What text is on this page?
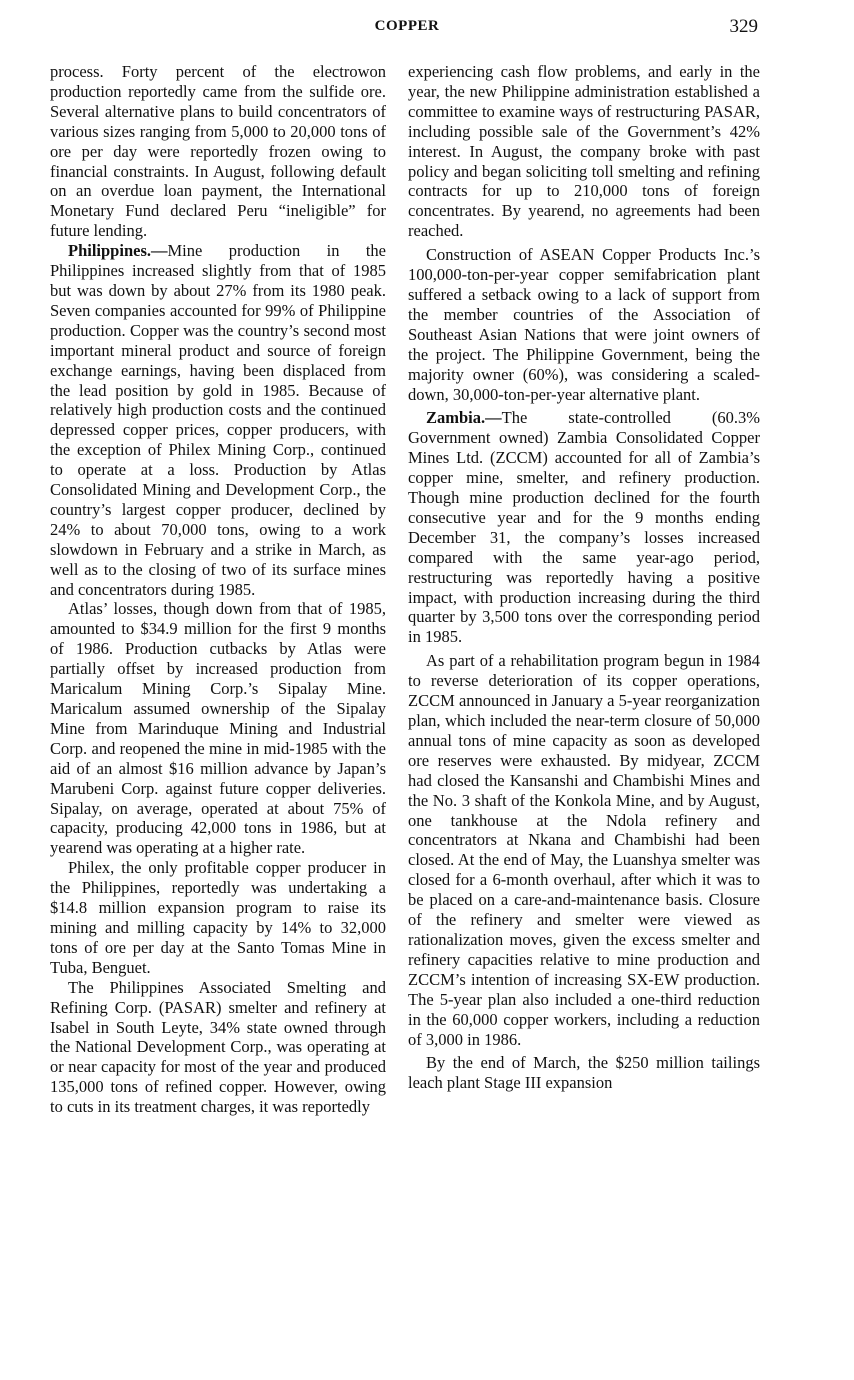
COPPER	329

process. Forty percent of the electrowon production reportedly came from the sulfide ore. Several alternative plans to build concentrators of various sizes ranging from 5,000 to 20,000 tons of ore per day were reportedly frozen owing to financial constraints. In August, following default on an overdue loan payment, the International Monetary Fund declared Peru “ineligible” for future lending.

Philippines.—Mine production in the Philippines increased slightly from that of 1985 but was down by about 27% from its 1980 peak. Seven companies accounted for 99% of Philippine production. Copper was the country’s second most important mineral product and source of foreign exchange earnings, having been displaced from the lead position by gold in 1985. Because of relatively high production costs and the continued depressed copper prices, copper producers, with the exception of Philex Mining Corp., continued to operate at a loss. Production by Atlas Consolidated Mining and Development Corp., the country’s largest copper producer, declined by 24% to about 70,000 tons, owing to a work slowdown in February and a strike in March, as well as to the closing of two of its surface mines and concentrators during 1985.

Atlas’ losses, though down from that of 1985, amounted to $34.9 million for the first 9 months of 1986. Production cutbacks by Atlas were partially offset by increased production from Maricalum Mining Corp.’s Sipalay Mine. Maricalum assumed ownership of the Sipalay Mine from Marinduque Mining and Industrial Corp. and reopened the mine in mid-1985 with the aid of an almost $16 million advance by Japan’s Marubeni Corp. against future copper deliveries. Sipalay, on average, operated at about 75% of capacity, producing 42,000 tons in 1986, but at yearend was operating at a higher rate.

Philex, the only profitable copper producer in the Philippines, reportedly was undertaking a $14.8 million expansion program to raise its mining and milling capacity by 14% to 32,000 tons of ore per day at the Santo Tomas Mine in Tuba, Benguet.

The Philippines Associated Smelting and Refining Corp. (PASAR) smelter and refinery at Isabel in South Leyte, 34% state owned through the National Development Corp., was operating at or near capacity for most of the year and produced 135,000 tons of refined copper. However, owing to cuts in its treatment charges, it was reportedly

experiencing cash flow problems, and early in the year, the new Philippine administration established a committee to examine ways of restructuring PASAR, including possible sale of the Government’s 42% interest. In August, the company broke with past policy and began soliciting toll smelting and refining contracts for up to 210,000 tons of foreign concentrates. By yearend, no agreements had been reached.

Construction of ASEAN Copper Products Inc.’s 100,000-ton-per-year copper semifabrication plant suffered a setback owing to a lack of support from the member countries of the Association of Southeast Asian Nations that were joint owners of the project. The Philippine Government, being the majority owner (60%), was considering a scaled-down, 30,000-ton-per-year alternative plant.

Zambia.—The state-controlled (60.3% Government owned) Zambia Consolidated Copper Mines Ltd. (ZCCM) accounted for all of Zambia’s copper mine, smelter, and refinery production. Though mine production declined for the fourth consecutive year and for the 9 months ending December 31, the company’s losses increased compared with the same year-ago period, restructuring was reportedly having a positive impact, with production increasing during the third quarter by 3,500 tons over the corresponding period in 1985.

As part of a rehabilitation program begun in 1984 to reverse deterioration of its copper operations, ZCCM announced in January a 5-year reorganization plan, which included the near-term closure of 50,000 annual tons of mine capacity as soon as developed ore reserves were exhausted. By midyear, ZCCM had closed the Kansanshi and Chambishi Mines and the No. 3 shaft of the Konkola Mine, and by August, one tankhouse at the Ndola refinery and concentrators at Nkana and Chambishi had been closed. At the end of May, the Luanshya smelter was closed for a 6-month overhaul, after which it was to be placed on a care-and-maintenance basis. Closure of the refinery and smelter were viewed as rationalization moves, given the excess smelter and refinery capacities relative to mine production and ZCCM’s intention of increasing SX-EW production. The 5-year plan also included a one-third reduction in the 60,000 copper workers, including a reduction of 3,000 in 1986.

By the end of March, the $250 million tailings leach plant Stage III expansion
